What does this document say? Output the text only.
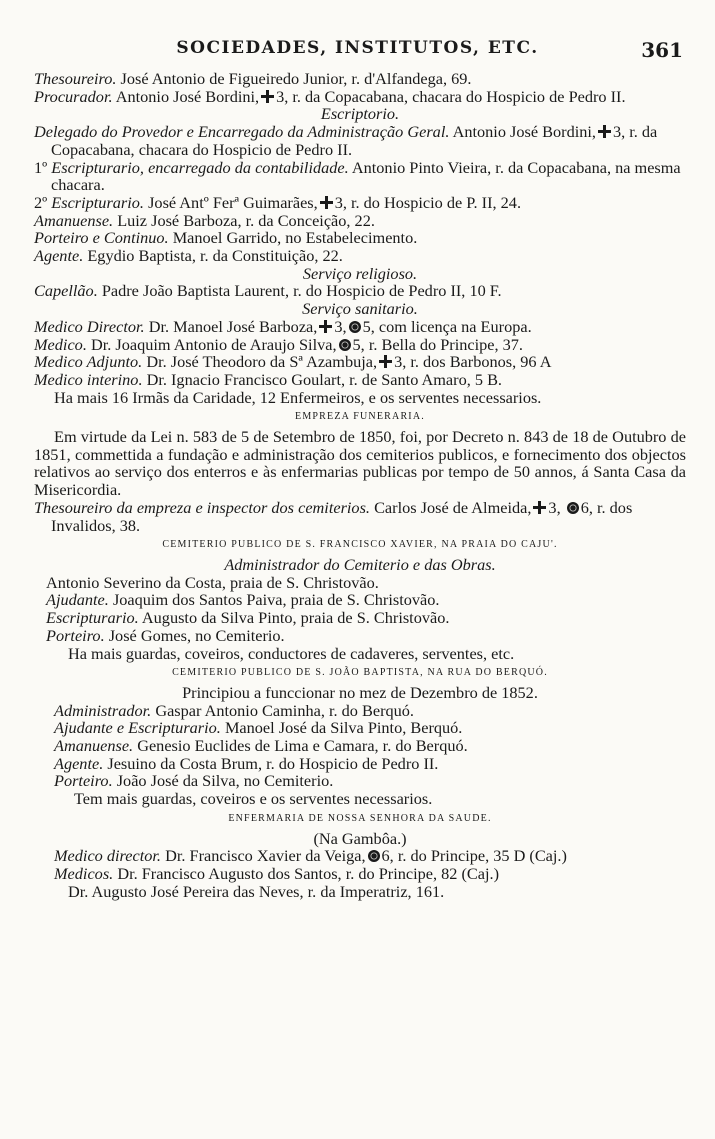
SOCIEDADES, INSTITUTOS, ETC.	361

Thesoureiro. José Antonio de Figueiredo Junior, r. d'Alfandega, 69.

Procurador. Antonio José Bordini, 3, r. da Copacabana, chacara do Hospicio de Pedro II.

Escriptorio.

Delegado do Provedor e Encarregado da Administração Geral. Antonio José Bordini, 3, r. da Copacabana, chacara do Hospicio de Pedro II.

1º Escripturario, encarregado da contabilidade. Antonio Pinto Vieira, r. da Copacabana, na mesma chacara.

2º Escripturario. José Antº Ferª Guimarães, 3, r. do Hospicio de P. II, 24.

Amanuense. Luiz José Barboza, r. da Conceição, 22.

Porteiro e Continuo. Manoel Garrido, no Estabelecimento.

Agente. Egydio Baptista, r. da Constituição, 22.

Serviço religioso.

Capellão. Padre João Baptista Laurent, r. do Hospicio de Pedro II, 10 F.

Serviço sanitario.

Medico Director. Dr. Manoel José Barboza, 3, 5, com licença na Europa.

Medico. Dr. Joaquim Antonio de Araujo Silva, 5, r. Bella do Principe, 37.

Medico Adjunto. Dr. José Theodoro da Sª Azambuja, 3, r. dos Barbonos, 96 A

Medico interino. Dr. Ignacio Francisco Goulart, r. de Santo Amaro, 5 B.

Ha mais 16 Irmãs da Caridade, 12 Enfermeiros, e os serventes necessarios.

EMPREZA FUNERARIA.

Em virtude da Lei n. 583 de 5 de Setembro de 1850, foi, por Decreto n. 843 de 18 de Outubro de 1851, commettida a fundação e administração dos cemiterios publicos, e fornecimento dos objectos relativos ao serviço dos enterros e às enfermarias publicas por tempo de 50 annos, á Santa Casa da Misericordia.

Thesoureiro da empreza e inspector dos cemiterios. Carlos José de Almeida, 3, 6, r. dos Invalidos, 38.

CEMITERIO PUBLICO DE S. FRANCISCO XAVIER, NA PRAIA DO CAJU'.

Administrador do Cemiterio e das Obras.

Antonio Severino da Costa, praia de S. Christovão.

Ajudante. Joaquim dos Santos Paiva, praia de S. Christovão.

Escripturario. Augusto da Silva Pinto, praia de S. Christovão.

Porteiro. José Gomes, no Cemiterio.

Ha mais guardas, coveiros, conductores de cadaveres, serventes, etc.

CEMITERIO PUBLICO DE S. JOÃO BAPTISTA, NA RUA DO BERQUÓ.

Principiou a funccionar no mez de Dezembro de 1852.

Administrador. Gaspar Antonio Caminha, r. do Berquó.

Ajudante e Escripturario. Manoel José da Silva Pinto, Berquó.

Amanuense. Genesio Euclides de Lima e Camara, r. do Berquó.

Agente. Jesuino da Costa Brum, r. do Hospicio de Pedro II.

Porteiro. João José da Silva, no Cemiterio.

Tem mais guardas, coveiros e os serventes necessarios.

ENFERMARIA DE NOSSA SENHORA DA SAUDE.

(Na Gambôa.)

Medico director. Dr. Francisco Xavier da Veiga, 6, r. do Principe, 35 D (Caj.)

Medicos. Dr. Francisco Augusto dos Santos, r. do Principe, 82 (Caj.)

Dr. Augusto José Pereira das Neves, r. da Imperatriz, 161.
